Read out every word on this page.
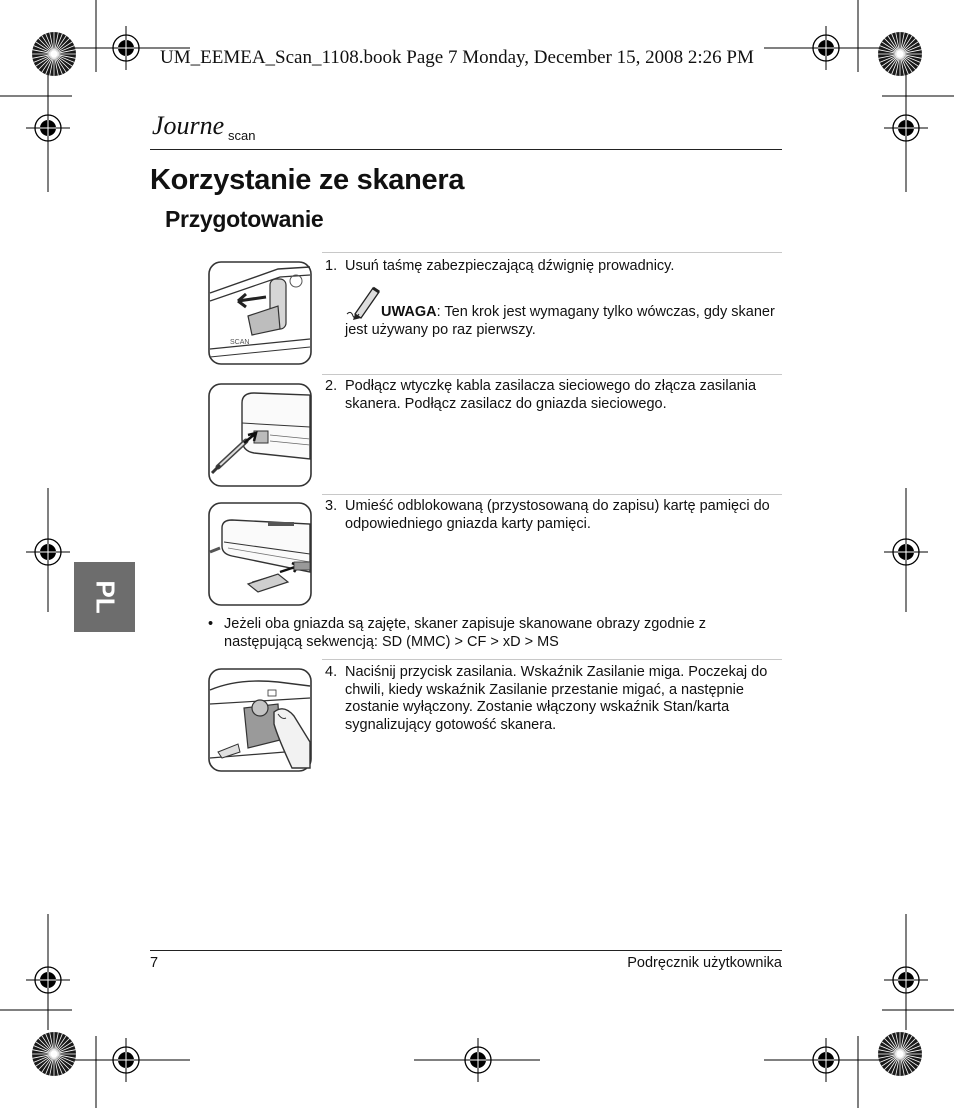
UM_EEMEA_Scan_1108.book Page 7 Monday, December 15, 2008 2:26 PM
Journe scan
Korzystanie ze skanera
Przygotowanie
SCAN
1. Usuń taśmę zabezpieczającą dźwignię prowadnicy.
UWAGA: Ten krok jest wymagany tylko wówczas, gdy skaner jest używany po raz pierwszy.
2. Podłącz wtyczkę kabla zasilacza sieciowego do złącza zasilania skanera. Podłącz zasilacz do gniazda sieciowego.
3. Umieść odblokowaną (przystosowaną do zapisu) kartę pamięci do odpowiedniego gniazda karty pamięci.
• Jeżeli oba gniazda są zajęte, skaner zapisuje skanowane obrazy zgodnie z następującą sekwencją: SD (MMC) > CF > xD > MS
4. Naciśnij przycisk zasilania. Wskaźnik Zasilanie miga. Poczekaj do chwili, kiedy wskaźnik Zasilanie przestanie migać, a następnie zostanie wyłączony. Zostanie włączony wskaźnik Stan/karta sygnalizujący gotowość skanera.
PL
7	Podręcznik użytkownika
